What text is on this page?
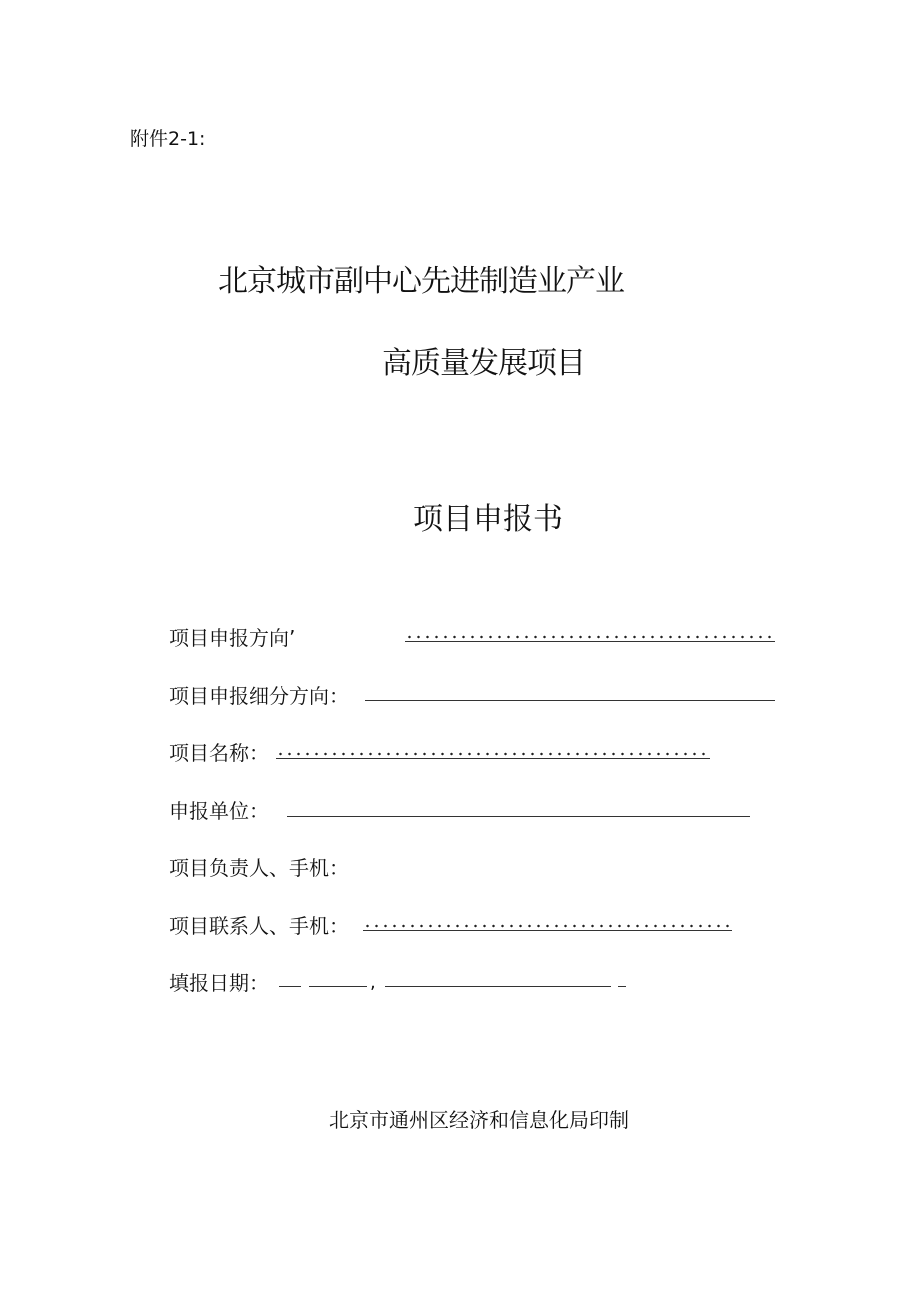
附件2-1:
北京城市副中心先进制造业产业
高质量发展项目
项目申报书
项目申报方向’
项目申报细分方向：
项目名称：
申报单位：
项目负责人、手机：
项目联系人、手机：
填报日期：	,
北京市通州区经济和信息化局印制
